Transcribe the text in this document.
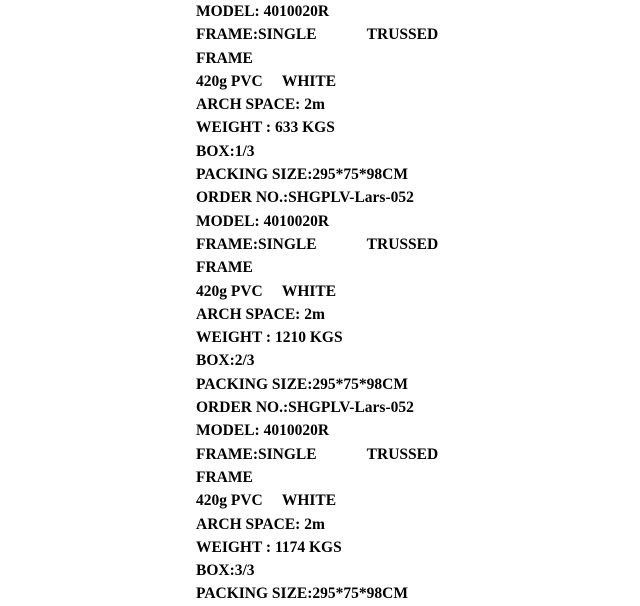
MODEL: 4010020R
FRAME:SINGLE             TRUSSED
FRAME
420g PVC     WHITE
ARCH SPACE: 2m
WEIGHT : 633 KGS
BOX:1/3
PACKING SIZE:295*75*98CM
ORDER NO.:SHGPLV-Lars-052
MODEL: 4010020R
FRAME:SINGLE             TRUSSED
FRAME
420g PVC     WHITE
ARCH SPACE: 2m
WEIGHT : 1210 KGS
BOX:2/3
PACKING SIZE:295*75*98CM
ORDER NO.:SHGPLV-Lars-052
MODEL: 4010020R
FRAME:SINGLE             TRUSSED
FRAME
420g PVC     WHITE
ARCH SPACE: 2m
WEIGHT : 1174 KGS
BOX:3/3
PACKING SIZE:295*75*98CM
